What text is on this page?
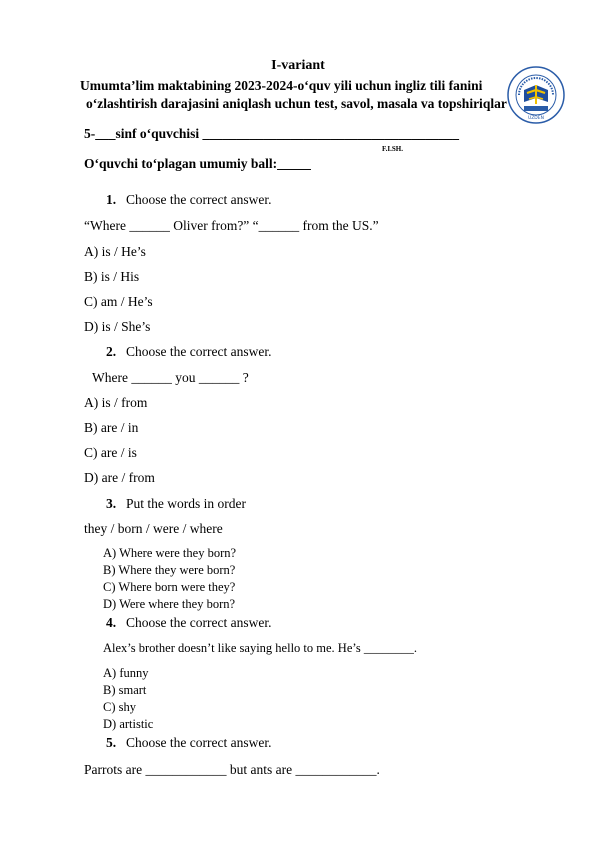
I-variant
Umumta’lim maktabining 2023-2024-o‘quv yili uchun ingliz tili fanini
o‘zlashtirish darajasini aniqlash uchun test, savol, masala va topshiriqlar
UZDEN
5-___sinf o‘quvchisi ______________________________________
F.I.SH.
O‘quvchi to‘plagan umumiy ball:_____
1. Choose the correct answer.
“Where ______ Oliver from?” “______ from the US.”
A) is / He’s
B) is / His
C) am / He’s
D) is / She’s
2. Choose the correct answer.
Where ______ you ______ ?
A) is / from
B) are / in
C) are / is
D) are / from
3. Put the words in order
they / born / were / where
A) Where were they born?
B) Where they were born?
C) Where born were they?
D) Were where they born?
4. Choose the correct answer.
Alex’s brother doesn’t like saying hello to me. He’s ________.
A) funny
B) smart
C) shy
D) artistic
5. Choose the correct answer.
Parrots are ____________ but ants are ____________.
